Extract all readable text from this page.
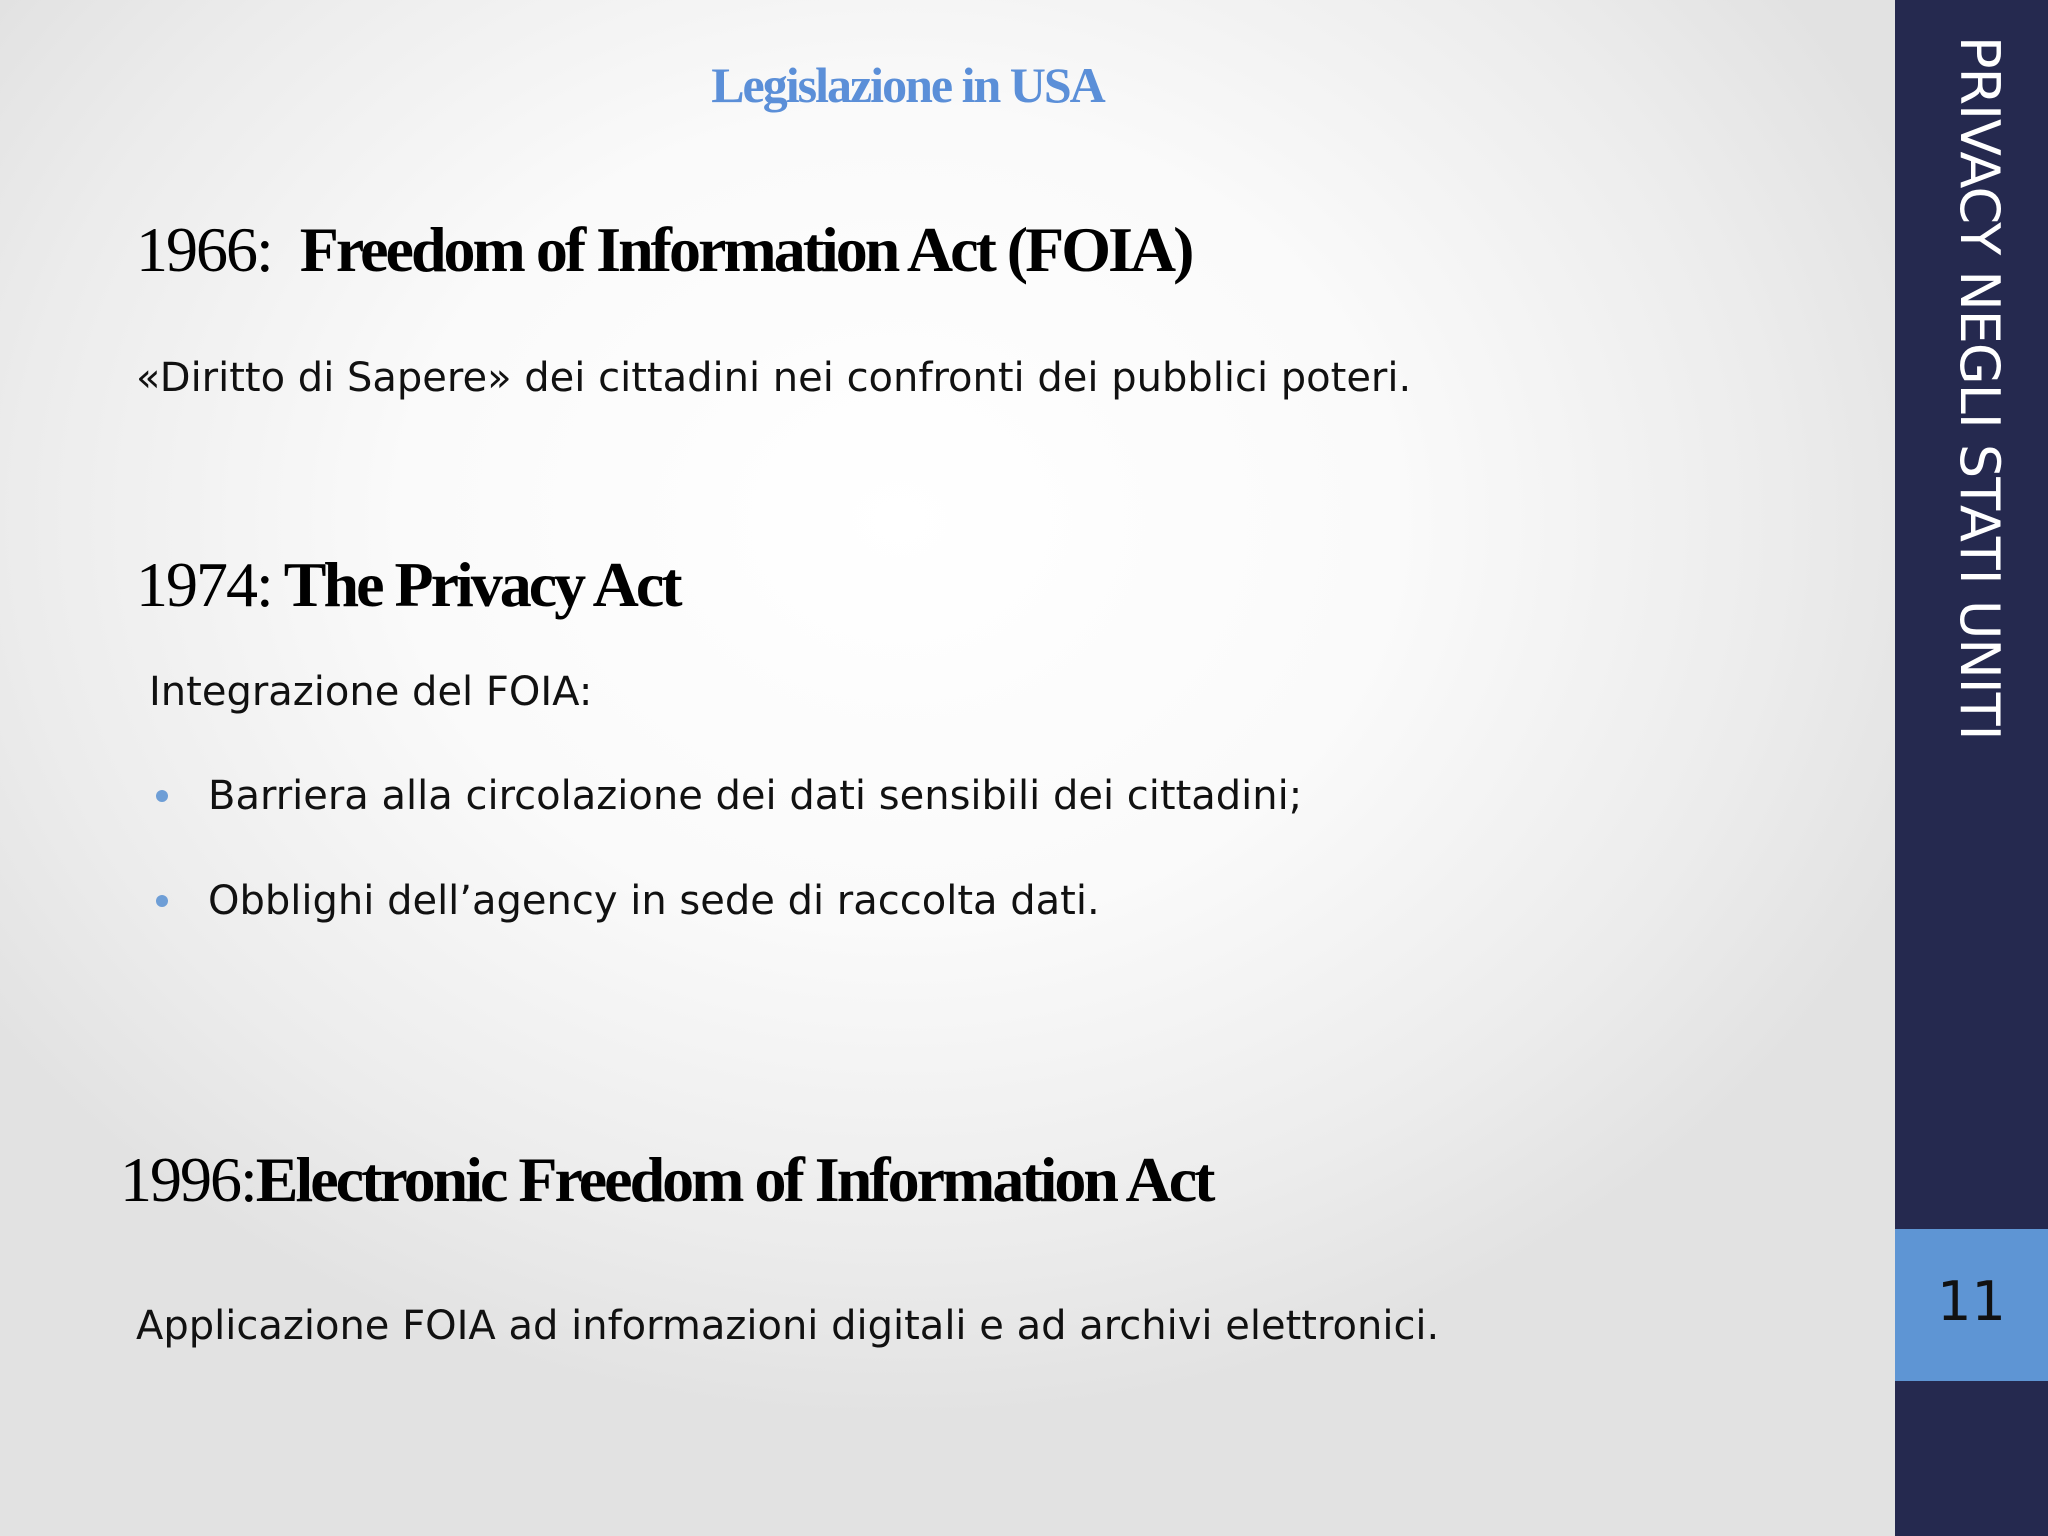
Legislazione in USA
1966: Freedom of Information Act (FOIA)

«Diritto di Sapere» dei cittadini nei confronti dei pubblici poteri.

1974: The Privacy Act

Integrazione del FOIA:

Barriera alla circolazione dei dati sensibili dei cittadini;
Obblighi dell’agency in sede di raccolta dati.
1996:Electronic Freedom of Information Act

Applicazione FOIA ad informazioni digitali e ad archivi elettronici.

PRIVACY NEGLI STATI UNITI
11
